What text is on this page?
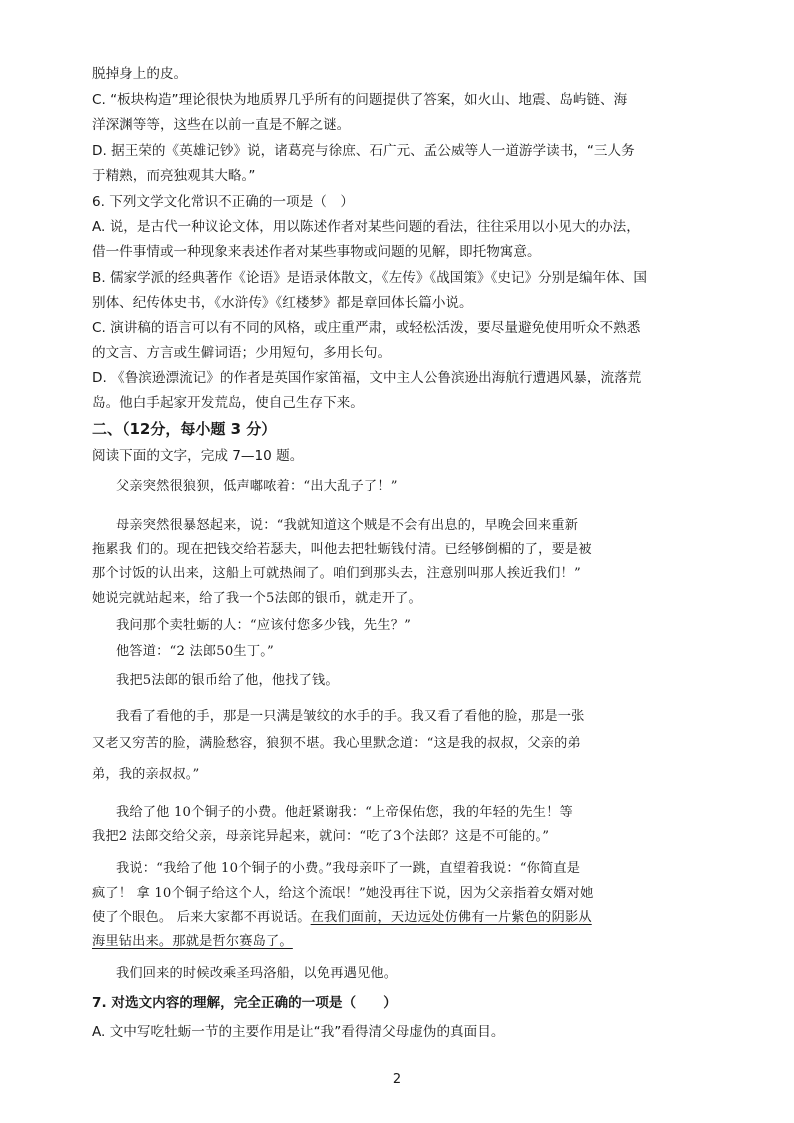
脱掉身上的皮。
C. “板块构造”理论很快为地质界几乎所有的问题提供了答案，如火山、地震、岛屿链、海
洋深渊等等，这些在以前一直是不解之谜。
D. 据王荣的《英雄记钞》说，诸葛亮与徐庶、石广元、孟公威等人一道游学读书，“三人务
于精熟，而亮独观其大略。”
6. 下列文学文化常识不正确的一项是（　）
A. 说，是古代一种议论文体，用以陈述作者对某些问题的看法，往往采用以小见大的办法，
借一件事情或一种现象来表述作者对某些事物或问题的见解，即托物寓意。
B. 儒家学派的经典著作《论语》是语录体散文，《左传》《战国策》《史记》分别是编年体、国
别体、纪传体史书，《水浒传》《红楼梦》都是章回体长篇小说。
C. 演讲稿的语言可以有不同的风格，或庄重严肃，或轻松活泼，要尽量避免使用听众不熟悉
的文言、方言或生僻词语；少用短句，多用长句。
D. 《鲁滨逊漂流记》的作者是英国作家笛福，文中主人公鲁滨逊出海航行遭遇风暴，流落荒
岛。他白手起家开发荒岛，使自己生存下来。
二、（12分，每小题 3 分）
阅读下面的文字，完成 7—10 题。
父亲突然很狼狈，低声嘟哝着：“出大乱子了！”
母亲突然很暴怒起来，说：“我就知道这个贼是不会有出息的，早晚会回来重新
拖累我 们的。现在把钱交给若瑟夫，叫他去把牡蛎钱付清。已经够倒楣的了，要是被
那个讨饭的认出来，这船上可就热闹了。咱们到那头去，注意别叫那人挨近我们！”
她说完就站起来，给了我一个5法郎的银币，就走开了。
我问那个卖牡蛎的人：“应该付您多少钱，先生？”
他答道：“2 法郎50生丁。”
我把5法郎的银币给了他，他找了钱。
我看了看他的手，那是一只满是皱纹的水手的手。我又看了看他的脸，那是一张
又老又穷苦的脸，满脸愁容，狼狈不堪。我心里默念道：“这是我的叔叔，父亲的弟
弟，我的亲叔叔。”
我给了他 10个铜子的小费。他赶紧谢我：“上帝保佑您，我的年轻的先生！等
我把2 法郎交给父亲，母亲诧异起来，就问：“吃了3个法郎？这是不可能的。”
我说：“我给了他 10个铜子的小费。”我母亲吓了一跳，直望着我说：“你简直是
疯了！ 拿 10个铜子给这个人，给这个流氓！”她没再往下说，因为父亲指着女婿对她
使了个眼色。 后来大家都不再说话。在我们面前，天边远处仿佛有一片紫色的阴影从
海里钻出来。那就是哲尔赛岛了。
我们回来的时候改乘圣玛洛船，以免再遇见他。
7. 对选文内容的理解，完全正确的一项是（　　）
A. 文中写吃牡蛎一节的主要作用是让“我”看得清父母虚伪的真面目。
2
